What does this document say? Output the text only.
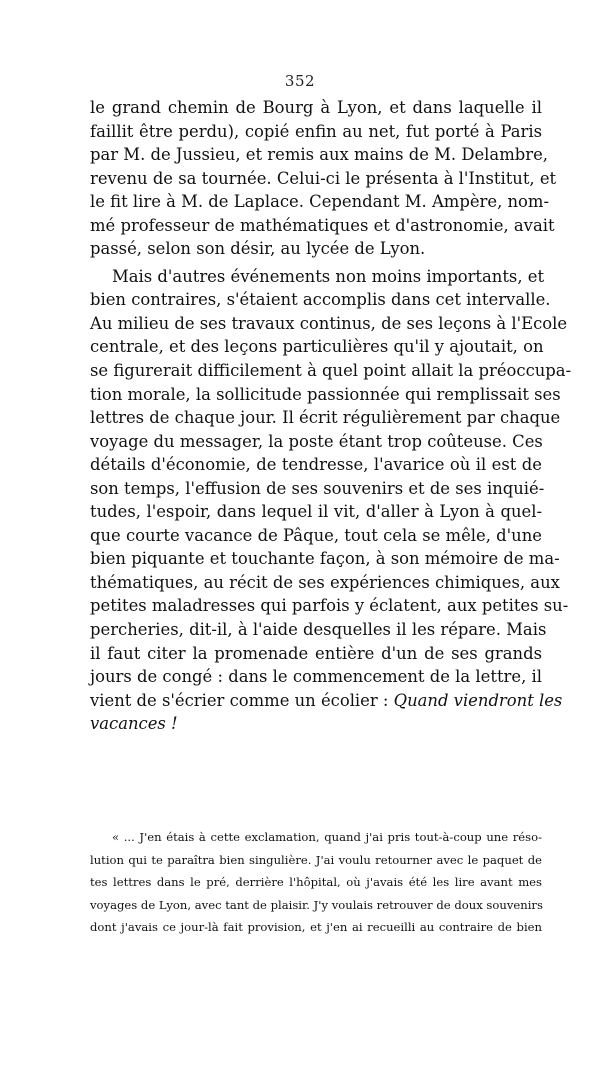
352
le grand chemin de Bourg à Lyon, et dans laquelle il
faillit être perdu), copié enfin au net, fut porté à Paris
par M. de Jussieu, et remis aux mains de M. Delambre,
revenu de sa tournée. Celui-ci le présenta à l'Institut, et
le fit lire à M. de Laplace. Cependant M. Ampère, nom-
mé professeur de mathématiques et d'astronomie, avait
passé, selon son désir, au lycée de Lyon.
Mais d'autres événements non moins importants, et
bien contraires, s'étaient accomplis dans cet intervalle.
Au milieu de ses travaux continus, de ses leçons à l'Ecole
centrale, et des leçons particulières qu'il y ajoutait, on
se figurerait difficilement à quel point allait la préoccupa-
tion morale, la sollicitude passionnée qui remplissait ses
lettres de chaque jour. Il écrit régulièrement par chaque
voyage du messager, la poste étant trop coûteuse. Ces
détails d'économie, de tendresse, l'avarice où il est de
son temps, l'effusion de ses souvenirs et de ses inquié-
tudes, l'espoir, dans lequel il vit, d'aller à Lyon à quel-
que courte vacance de Pâque, tout cela se mêle, d'une
bien piquante et touchante façon, à son mémoire de ma-
thématiques, au récit de ses expériences chimiques, aux
petites maladresses qui parfois y éclatent, aux petites su-
percheries, dit-il, à l'aide desquelles il les répare. Mais
il faut citer la promenade entière d'un de ses grands
jours de congé : dans le commencement de la lettre, il
vient de s'écrier comme un écolier : Quand viendront les
vacances !
« ... J'en étais à cette exclamation, quand j'ai pris tout-à-coup une réso-
lution qui te paraîtra bien singulière. J'ai voulu retourner avec le paquet de
tes lettres dans le pré, derrière l'hôpital, où j'avais été les lire avant mes
voyages de Lyon, avec tant de plaisir. J'y voulais retrouver de doux souvenirs
dont j'avais ce jour-là fait provision, et j'en ai recueilli au contraire de bien
